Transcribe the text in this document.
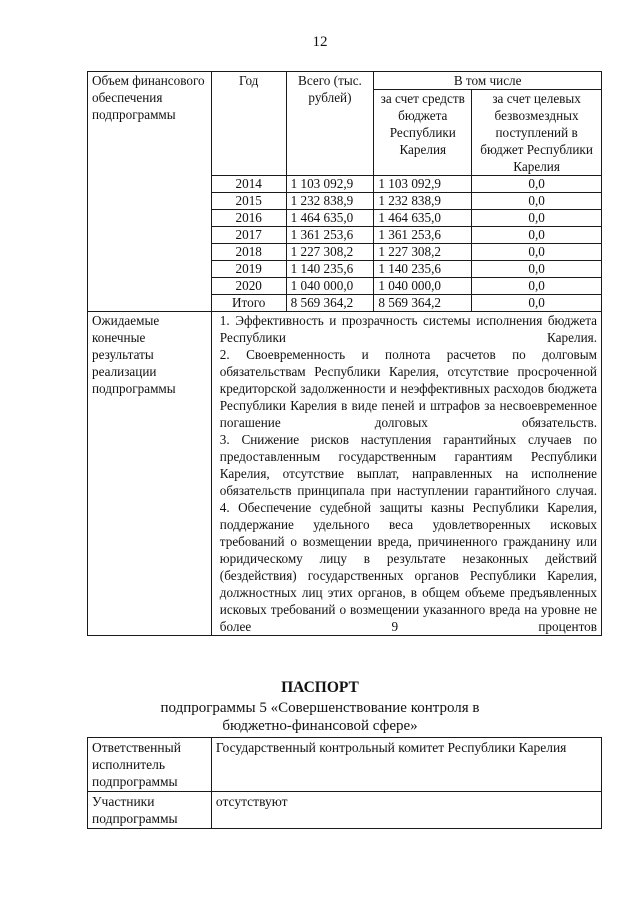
12
Объем финансового обеспечения подпрограммы	Год	Всего (тыс. рублей)	В том числе	
			за счет средств бюджета Республики Карелия	за счет целевых безвозмездных поступлений в бюджет Республики Карелия
	2014	1 103 092,9	1 103 092,9	0,0
	2015	1 232 838,9	1 232 838,9	0,0
	2016	1 464 635,0	1 464 635,0	0,0
	2017	1 361 253,6	1 361 253,6	0,0
	2018	1 227 308,2	1 227 308,2	0,0
	2019	1 140 235,6	1 140 235,6	0,0
	2020	1 040 000,0	1 040 000,0	0,0
	Итого	8 569 364,2	8 569 364,2	0,0
Ожидаемые конечные результаты реализации подпрограммы	1. Эффективность и прозрачность системы исполнения бюджета Республики Карелия.

2. Своевременность и полнота расчетов по долговым обязательствам Республики Карелия, отсутствие просроченной кредиторской задолженности и неэффективных расходов бюджета Республики Карелия в виде пеней и штрафов за несвоевременное погашение долговых обязательств.

3. Снижение рисков наступления гарантийных случаев по предоставленным государственным гарантиям Республики Карелия, отсутствие выплат, направленных на исполнение обязательств принципала при наступлении гарантийного случая.

4. Обеспечение судебной защиты казны Республики Карелия, поддержание удельного веса удовлетворенных исковых требований о возмещении вреда, причиненного гражданину или юридическому лицу в результате незаконных действий (бездействия) государственных органов Республики Карелия, должностных лиц этих органов, в общем объеме предъявленных исковых требований о возмещении указанного вреда на уровне не более 9 процентов			

ПАСПОРТ
подпрограммы 5 «Совершенствование контроля в
бюджетно-финансовой сфере»
Ответственный исполнитель подпрограммы	Государственный контрольный комитет Республики Карелия
Участники подпрограммы	отсутствуют
